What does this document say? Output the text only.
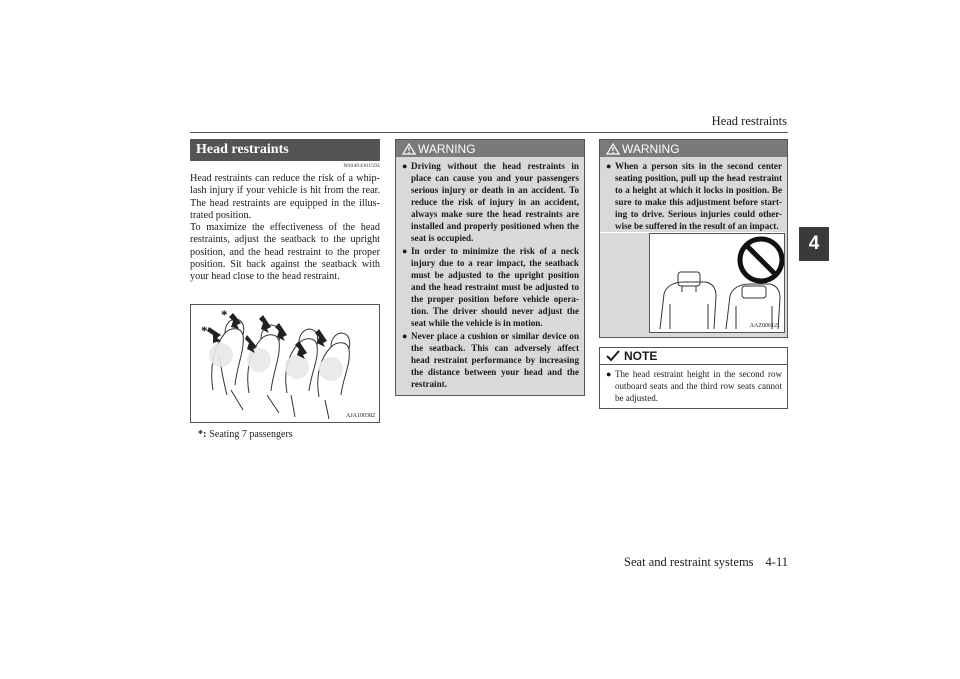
Head restraints
4
Head restraints
N00404301594

Head restraints can reduce the risk of a whip-lash injury if your vehicle is hit from the rear. The head restraints are equipped in the illus-trated position.

To maximize the effectiveness of the head restraints, adjust the seatback to the upright position, and the head restraint to the proper position. Sit back against the seatback with your head close to the head restraint.

*
*
AJA100382
*: Seating 7 passengers
WARNING
● Driving without the head restraints in place can cause you and your passengers serious injury or death in an accident. To reduce the risk of injury in an accident, always make sure the head restraints are installed and properly positioned when the seat is occupied.
● In order to minimize the risk of a neck injury due to a rear impact, the seatback must be adjusted to the upright position and the head restraint must be adjusted to the proper position before vehicle opera-tion. The driver should never adjust the seat while the vehicle is in motion.
● Never place a cushion or similar device on the seatback. This can adversely affect head restraint performance by increasing the distance between your head and the restraint.
WARNING
● When a person sits in the second center seating position, pull up the head restraint to a height at which it locks in position. Be sure to make this adjustment before start-ing to drive. Serious injuries could other-wise be suffered in the result of an impact.
AAZ006121
NOTE
● The head restraint height in the second row outboard seats and the third row seats cannot be adjusted.
Seat and restraint systems 4-11
